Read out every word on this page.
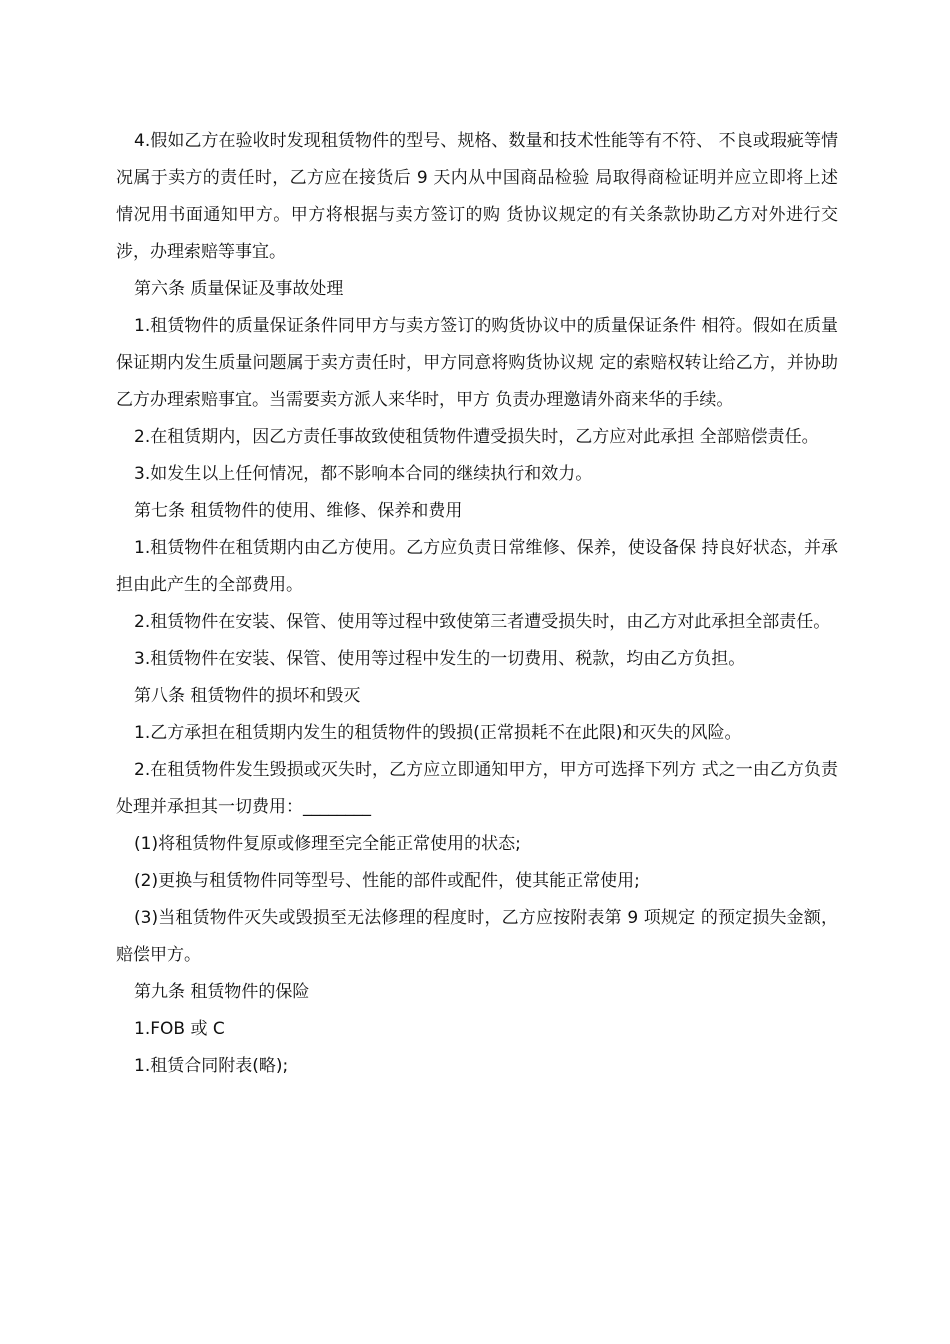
4.假如乙方在验收时发现租赁物件的型号、规格、数量和技术性能等有不符、 不良或瑕疵等情况属于卖方的责任时，乙方应在接货后 9 天内从中国商品检验 局取得商检证明并应立即将上述情况用书面通知甲方。甲方将根据与卖方签订的购 货协议规定的有关条款协助乙方对外进行交涉，办理索赔等事宜。

第六条 质量保证及事故处理

1.租赁物件的质量保证条件同甲方与卖方签订的购货协议中的质量保证条件 相符。假如在质量保证期内发生质量问题属于卖方责任时，甲方同意将购货协议规 定的索赔权转让给乙方，并协助乙方办理索赔事宜。当需要卖方派人来华时，甲方 负责办理邀请外商来华的手续。

2.在租赁期内，因乙方责任事故致使租赁物件遭受损失时，乙方应对此承担 全部赔偿责任。

3.如发生以上任何情况，都不影响本合同的继续执行和效力。

第七条 租赁物件的使用、维修、保养和费用

1.租赁物件在租赁期内由乙方使用。乙方应负责日常维修、保养，使设备保 持良好状态，并承担由此产生的全部费用。

2.租赁物件在安装、保管、使用等过程中致使第三者遭受损失时，由乙方对此承担全部责任。

3.租赁物件在安装、保管、使用等过程中发生的一切费用、税款，均由乙方负担。

第八条 租赁物件的损坏和毁灭

1.乙方承担在租赁期内发生的租赁物件的毁损(正常损耗不在此限)和灭失的风险。

2.在租赁物件发生毁损或灭失时，乙方应立即通知甲方，甲方可选择下列方 式之一由乙方负责处理并承担其一切费用：________

(1)将租赁物件复原或修理至完全能正常使用的状态;

(2)更换与租赁物件同等型号、性能的部件或配件，使其能正常使用;

(3)当租赁物件灭失或毁损至无法修理的程度时，乙方应按附表第 9 项规定 的预定损失金额，赔偿甲方。

第九条 租赁物件的保险

1.FOB 或 C

1.租赁合同附表(略);
